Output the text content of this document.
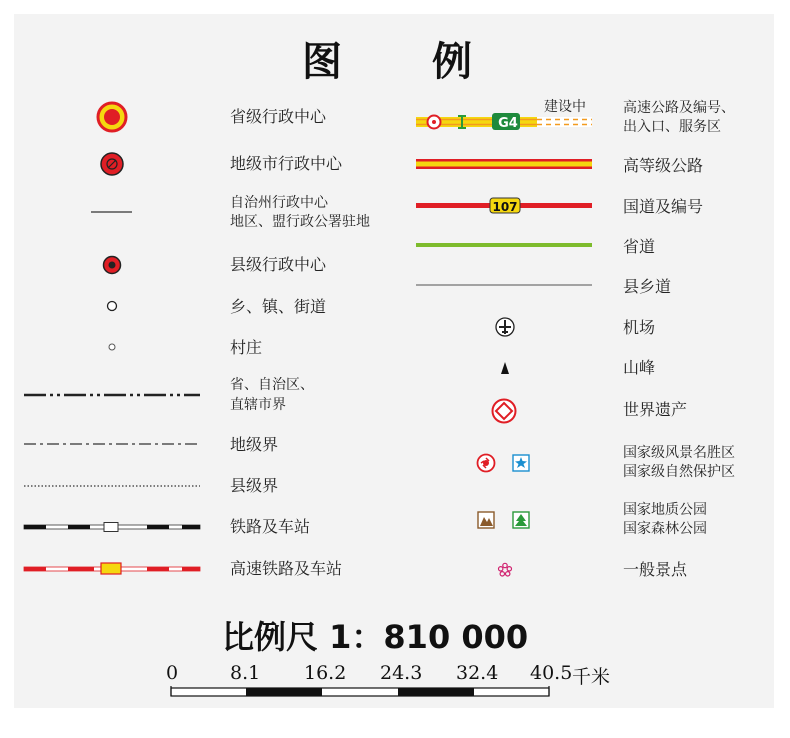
图 例
省级行政中心
地级市行政中心
自治州行政中心
地区、盟行政公署驻地
县级行政中心
乡、镇、街道
村庄
省、自治区、
直辖市界
地级界
县级界
铁路及车站
高速铁路及车站
G4
建设中
107
高速公路及编号、
出入口、服务区
高等级公路
国道及编号
省道
县乡道
机场
山峰
世界遗产
国家级风景名胜区
国家级自然保护区
国家地质公园
国家森林公园
一般景点
比例尺 1：810 000
0	8.1 16.2 24.3 32.4 40.5 千米
